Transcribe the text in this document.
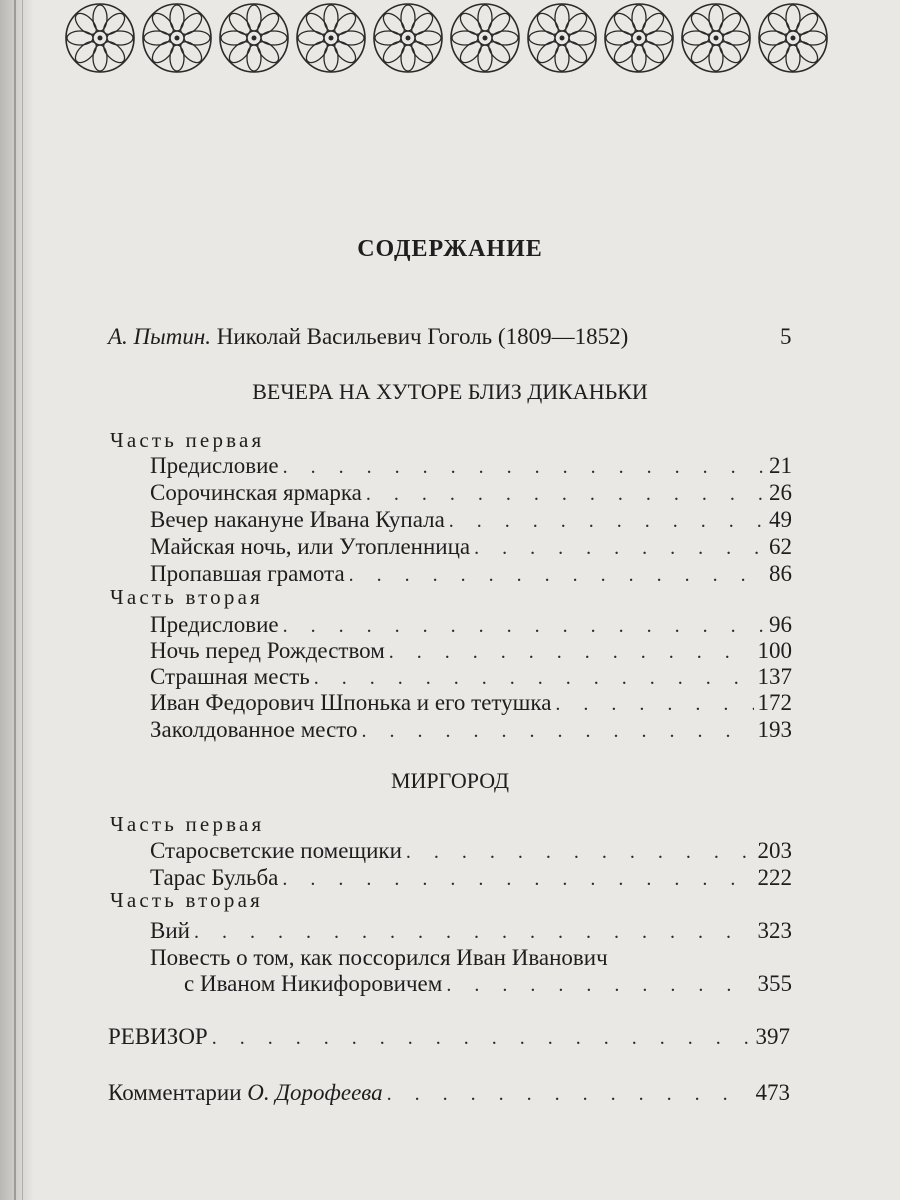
СОДЕРЖАНИЕ
А. Пытин. Николай Васильевич Гоголь (1809—1852)	5
ВЕЧЕРА НА ХУТОРЕ БЛИЗ ДИКАНЬКИ
Часть первая
Предисловие . . .	21
Сорочинская ярмарка . . .	26
Вечер накануне Ивана Купала . . .	49
Майская ночь, или Утопленница . . .	62
Пропавшая грамота . . .	86
Часть вторая
Предисловие . . .	96
Ночь перед Рождеством . . .	100
Страшная месть . . .	137
Иван Федорович Шпонька и его тетушка . . .	172
Заколдованное место . . .	193
МИРГОРОД
Часть первая
Старосветские помещики . . .	203
Тарас Бульба . . .	222
Часть вторая
Вий . . .	323
Повесть о том, как поссорился Иван Иванович
с Иваном Никифоровичем . . .	355
РЕВИЗОР . . .	397
Комментарии О. Дорофеева . . .	473
